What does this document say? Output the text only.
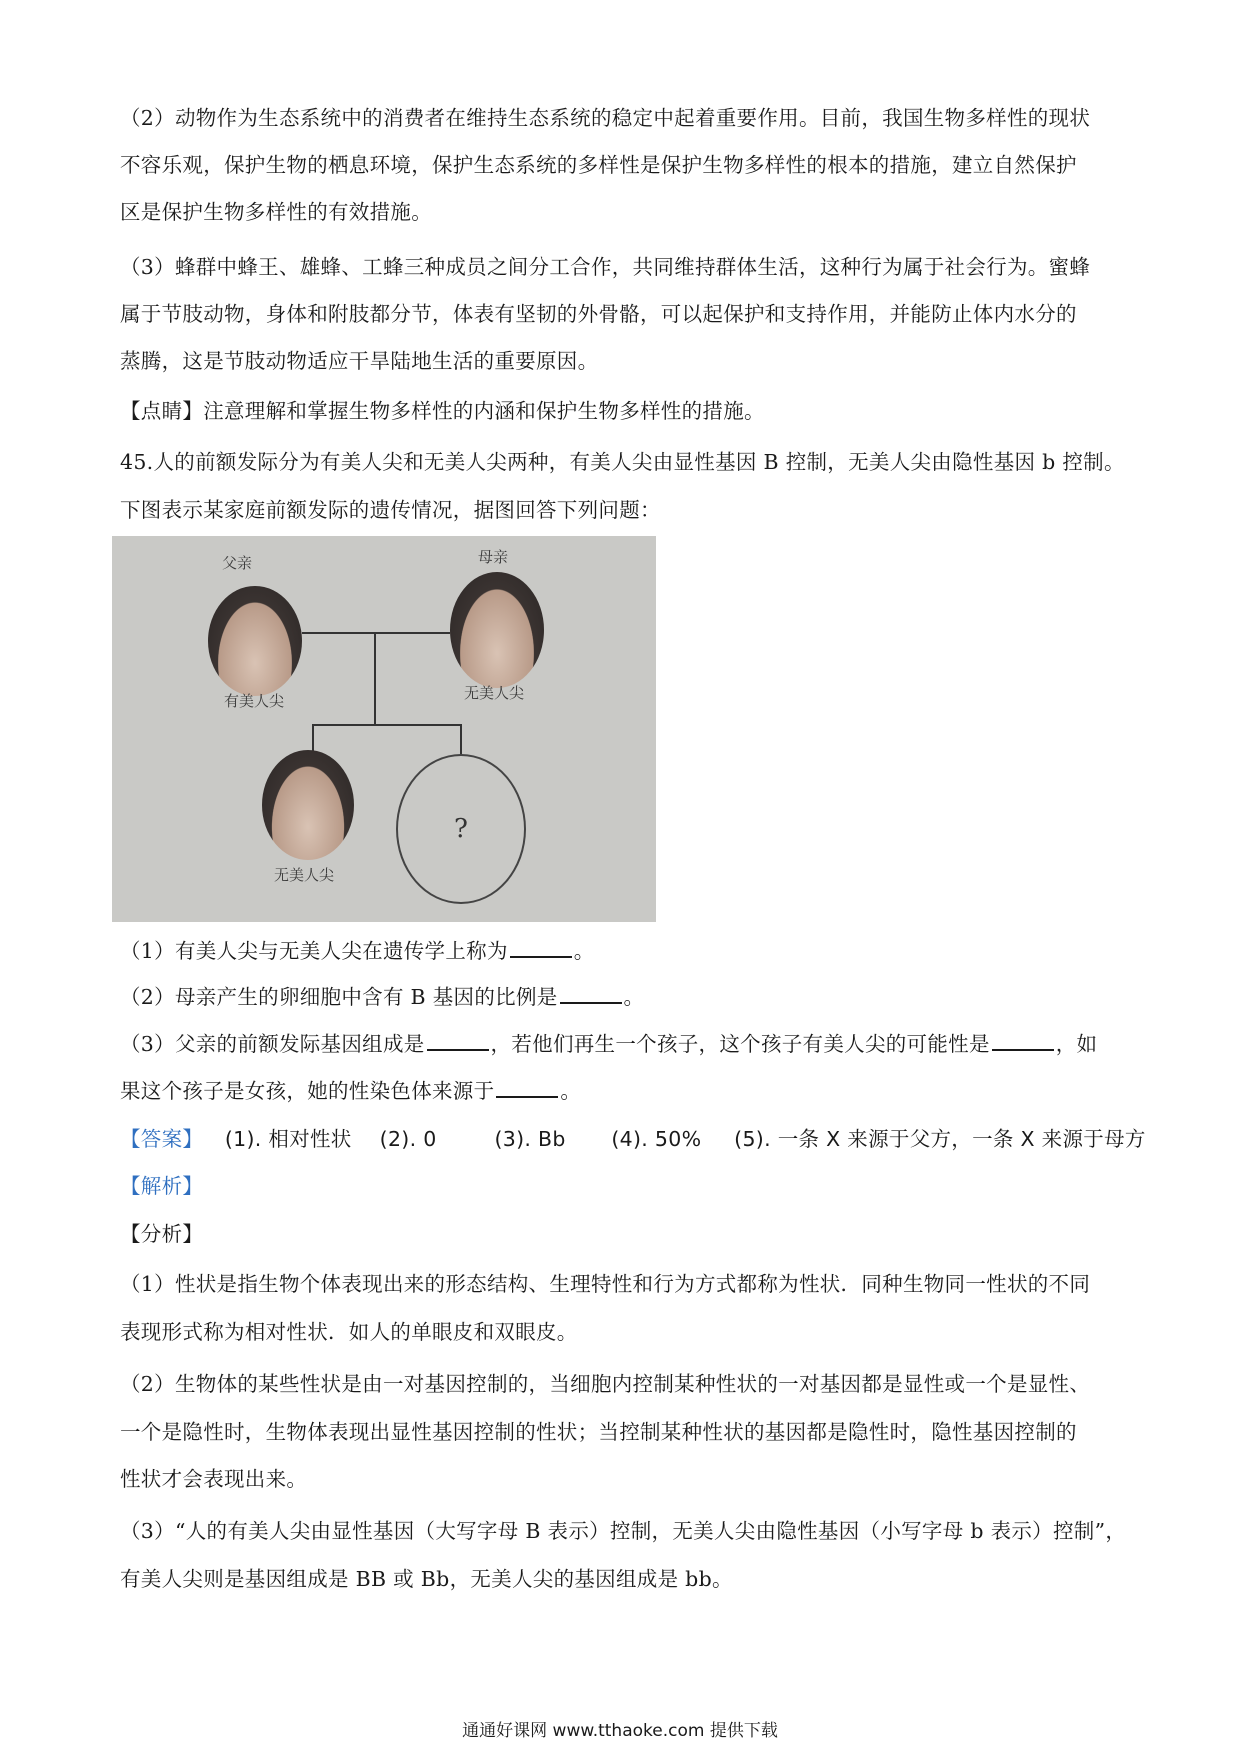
（2）动物作为生态系统中的消费者在维持生态系统的稳定中起着重要作用。目前，我国生物多样性的现状
不容乐观，保护生物的栖息环境，保护生态系统的多样性是保护生物多样性的根本的措施，建立自然保护
区是保护生物多样性的有效措施。
（3）蜂群中蜂王、雄蜂、工蜂三种成员之间分工合作，共同维持群体生活，这种行为属于社会行为。蜜蜂
属于节肢动物，身体和附肢都分节，体表有坚韧的外骨骼，可以起保护和支持作用，并能防止体内水分的
蒸腾，这是节肢动物适应干旱陆地生活的重要原因。
【点睛】注意理解和掌握生物多样性的内涵和保护生物多样性的措施。
45.人的前额发际分为有美人尖和无美人尖两种，有美人尖由显性基因 B 控制，无美人尖由隐性基因 b 控制。
下图表示某家庭前额发际的遗传情况，据图回答下列问题：
父亲	母亲
有美人尖	无美人尖
无美人尖
?
（1）有美人尖与无美人尖在遗传学上称为	。
（2）母亲产生的卵细胞中含有 B 基因的比例是	。
（3）父亲的前额发际基因组成是	，若他们再生一个孩子，这个孩子有美人尖的可能性是	，如
果这个孩子是女孩，她的性染色体来源于	。
【答案】 (1). 相对性状 (2). 0	(3). Bb (4). 50% (5). 一条 X 来源于父方，一条 X 来源于母方
【解析】
【分析】
（1）性状是指生物个体表现出来的形态结构、生理特性和行为方式都称为性状．同种生物同一性状的不同
表现形式称为相对性状．如人的单眼皮和双眼皮。
（2）生物体的某些性状是由一对基因控制的，当细胞内控制某种性状的一对基因都是显性或一个是显性、
一个是隐性时，生物体表现出显性基因控制的性状；当控制某种性状的基因都是隐性时，隐性基因控制的
性状才会表现出来。
（3）“人的有美人尖由显性基因（大写字母 B 表示）控制，无美人尖由隐性基因（小写字母 b 表示）控制”，
有美人尖则是基因组成是 BB 或 Bb，无美人尖的基因组成是 bb。
通通好课网 www.tthaoke.com 提供下载
